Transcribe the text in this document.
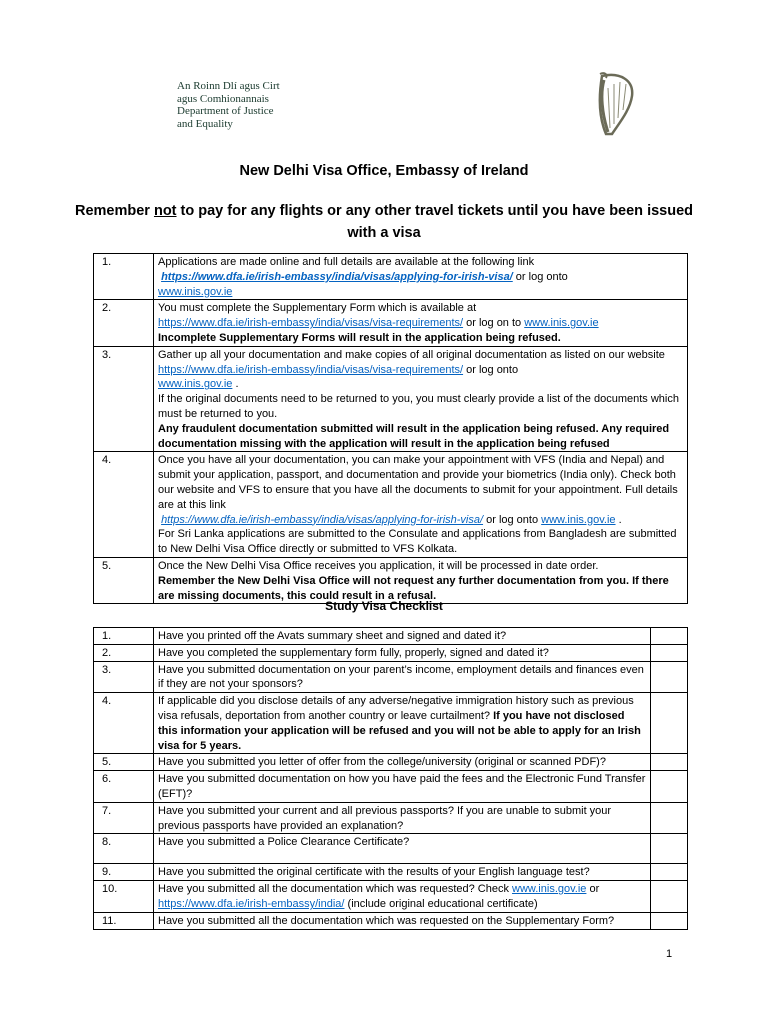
An Roinn Dlí agus Cirt
agus Comhionannais
Department of Justice
and Equality
New Delhi Visa Office, Embassy of Ireland
Remember not to pay for any flights or any other travel tickets until you have been issued with a visa
1.	Applications are made online and full details are available at the following link
https://www.dfa.ie/irish-embassy/india/visas/applying-for-irish-visa/ or log onto
www.inis.gov.ie
2.	You must complete the Supplementary Form which is available at
https://www.dfa.ie/irish-embassy/india/visas/visa-requirements/ or log on to www.inis.gov.ie
Incomplete Supplementary Forms will result in the application being refused.
3.	Gather up all your documentation and make copies of all original documentation as listed on our website https://www.dfa.ie/irish-embassy/india/visas/visa-requirements/ or log onto
www.inis.gov.ie .
If the original documents need to be returned to you, you must clearly provide a list of the documents which must be returned to you.
Any fraudulent documentation submitted will result in the application being refused. Any required documentation missing with the application will result in the application being refused
4.	Once you have all your documentation, you can make your appointment with VFS (India and Nepal) and submit your application, passport, and documentation and provide your biometrics (India only). Check both our website and VFS to ensure that you have all the documents to submit for your appointment. Full details are at this link
https://www.dfa.ie/irish-embassy/india/visas/applying-for-irish-visa/ or log onto www.inis.gov.ie .
For Sri Lanka applications are submitted to the Consulate and applications from Bangladesh are submitted to New Delhi Visa Office directly or submitted to VFS Kolkata.
5.	Once the New Delhi Visa Office receives you application, it will be processed in date order.
Remember the New Delhi Visa Office will not request any further documentation from you. If there are missing documents, this could result in a refusal.
Study Visa Checklist
1.	Have you printed off the Avats summary sheet and signed and dated it?	
2.	Have you completed the supplementary form fully, properly, signed and dated it?	
3.	Have you submitted documentation on your parent’s income, employment details and finances even if they are not your sponsors?	
4.	If applicable did you disclose details of any adverse/negative immigration history such as previous visa refusals, deportation from another country or leave curtailment? If you have not disclosed this information your application will be refused and you will not be able to apply for an Irish visa for 5 years.	
5.	Have you submitted you letter of offer from the college/university (original or scanned PDF)?	
6.	Have you submitted documentation on how you have paid the fees and the Electronic Fund Transfer (EFT)?	
7.	Have you submitted your current and all previous passports? If you are unable to submit your previous passports have provided an explanation?	
8.	Have you submitted a Police Clearance Certificate?	
9.	Have you submitted the original certificate with the results of your English language test?	
10.	Have you submitted all the documentation which was requested? Check www.inis.gov.ie or
https://www.dfa.ie/irish-embassy/india/ (include original educational certificate)	
11.	Have you submitted all the documentation which was requested on the Supplementary Form?	
1
